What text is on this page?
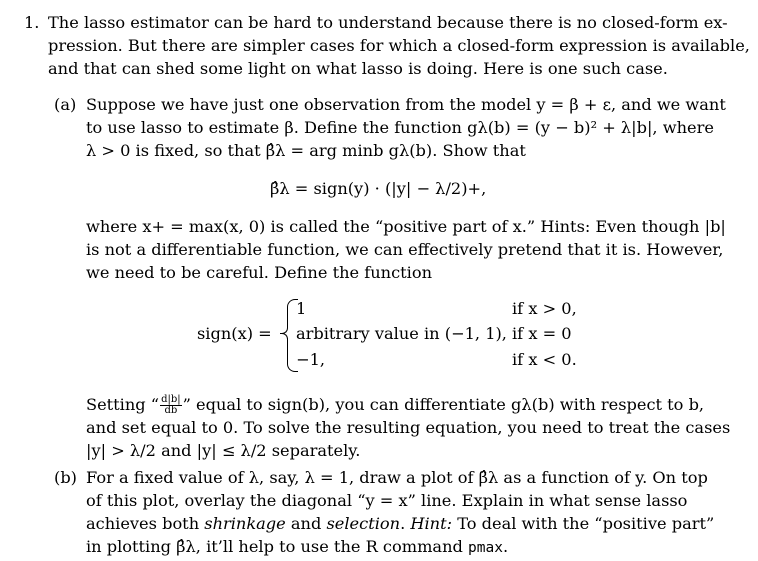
1. The lasso estimator can be hard to understand because there is no closed-form ex-
pression. But there are simpler cases for which a closed-form expression is available,
and that can shed some light on what lasso is doing. Here is one such case.
(a) Suppose we have just one observation from the model y = β + ε, and we want
to use lasso to estimate β. Define the function gλ(b) = (y − b)² + λ|b|, where
λ > 0 is fixed, so that β̂λ = arg minb gλ(b). Show that
β̂λ = sign(y) · (|y| − λ/2)+,
where x+ = max(x, 0) is called the “positive part of x.” Hints: Even though |b|
is not a differentiable function, we can effectively pretend that it is. However,
we need to be careful. Define the function
sign(x) =
1	if x > 0,
arbitrary value in (−1, 1), if x = 0
−1,	if x < 0.
Setting “ $\frac{d|b|}{db}$ ” equal to sign(b), you can differentiate gλ(b) with respect to b,
and set equal to 0. To solve the resulting equation, you need to treat the cases
|y| > λ/2 and |y| ≤ λ/2 separately.
(b) For a fixed value of λ, say, λ = 1, draw a plot of β̂λ as a function of y. On top
of this plot, overlay the diagonal “y = x” line. Explain in what sense lasso
achieves both shrinkage and selection. Hint: To deal with the “positive part”
in plotting β̂λ, it’ll help to use the R command pmax.
